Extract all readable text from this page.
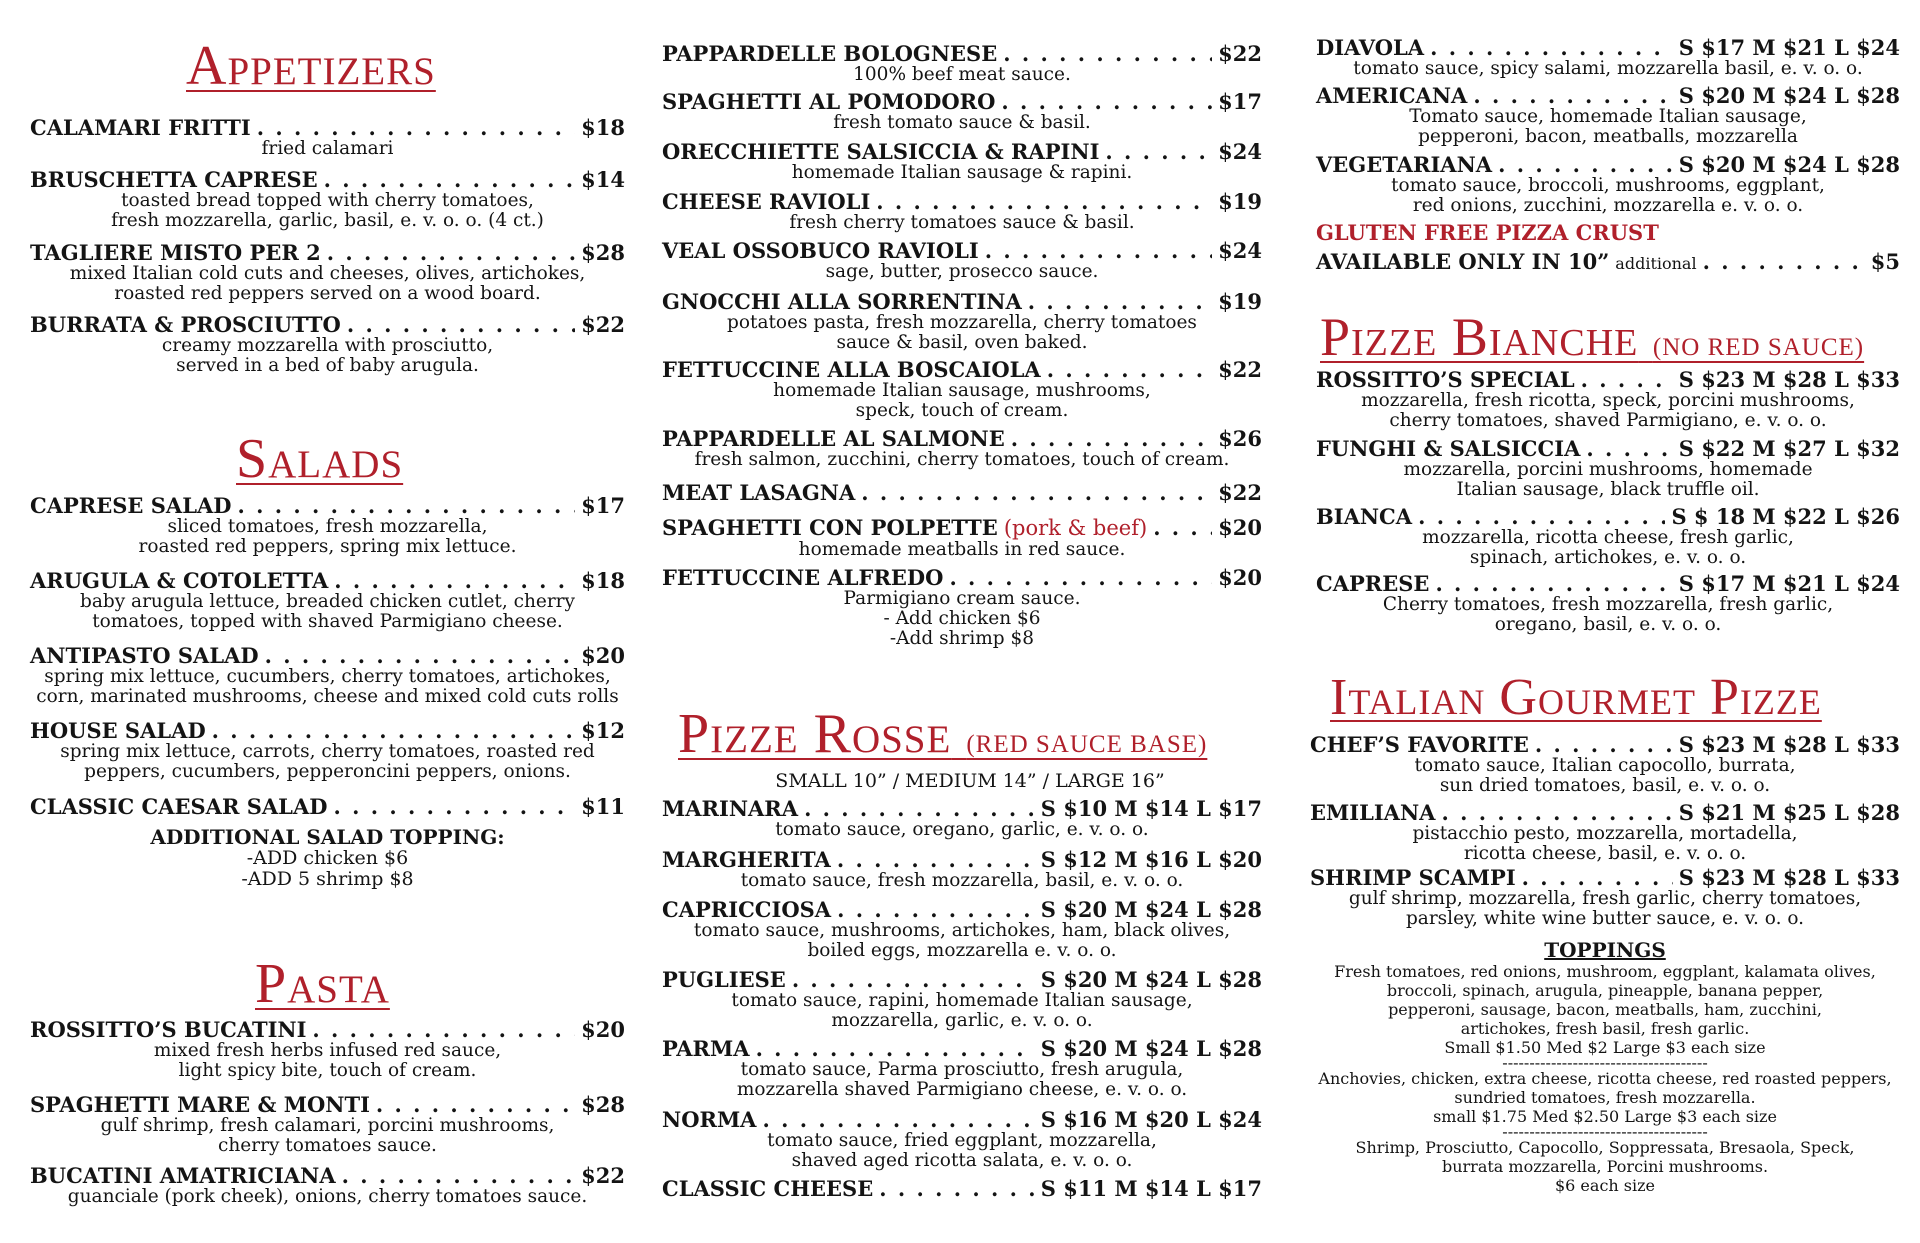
Appetizers
CALAMARI FRITTI . . .	$18
fried calamari
BRUSCHETTA CAPRESE . . .	$14
toasted bread topped with cherry tomatoes,
fresh mozzarella, garlic, basil, e. v. o. o. (4 ct.)
TAGLIERE MISTO PER 2 . . .	$28
mixed Italian cold cuts and cheeses, olives, artichokes,
roasted red peppers served on a wood board.
BURRATA & PROSCIUTTO . . .	$22
creamy mozzarella with prosciutto,
served in a bed of baby arugula.
Salads
CAPRESE SALAD . . .	$17
sliced tomatoes, fresh mozzarella,
roasted red peppers, spring mix lettuce.
ARUGULA & COTOLETTA . . .	$18
baby arugula lettuce, breaded chicken cutlet, cherry
tomatoes, topped with shaved Parmigiano cheese.
ANTIPASTO SALAD . . .	$20
spring mix lettuce, cucumbers, cherry tomatoes, artichokes,
corn, marinated mushrooms, cheese and mixed cold cuts rolls
HOUSE SALAD . . .	$12
spring mix lettuce, carrots, cherry tomatoes, roasted red
peppers, cucumbers, pepperoncini peppers, onions.
CLASSIC CAESAR SALAD . . .	$11
ADDITIONAL SALAD TOPPING:
-ADD chicken $6
-ADD 5 shrimp $8
Pasta
ROSSITTO’S BUCATINI . . .	$20
mixed fresh herbs infused red sauce,
light spicy bite, touch of cream.
SPAGHETTI MARE & MONTI . . .	$28
gulf shrimp, fresh calamari, porcini mushrooms,
cherry tomatoes sauce.
BUCATINI AMATRICIANA . . .	$22
guanciale (pork cheek), onions, cherry tomatoes sauce.
PAPPARDELLE BOLOGNESE . . .	$22
100% beef meat sauce.
SPAGHETTI AL POMODORO . . .	$17
fresh tomato sauce & basil.
ORECCHIETTE SALSICCIA & RAPINI . . .	$24
homemade Italian sausage & rapini.
CHEESE RAVIOLI . . .	$19
fresh cherry tomatoes sauce & basil.
VEAL OSSOBUCO RAVIOLI . . .	$24
sage, butter, prosecco sauce.
GNOCCHI ALLA SORRENTINA . . .	$19
potatoes pasta, fresh mozzarella, cherry tomatoes
sauce & basil, oven baked.
FETTUCCINE ALLA BOSCAIOLA . . .	$22
homemade Italian sausage, mushrooms,
speck, touch of cream.
PAPPARDELLE AL SALMONE . . .	$26
fresh salmon, zucchini, cherry tomatoes, touch of cream.
MEAT LASAGNA . . .	$22
SPAGHETTI CON POLPETTE (pork & beef) . . .	$20
homemade meatballs in red sauce.
FETTUCCINE ALFREDO . . .	$20
Parmigiano cream sauce.
- Add chicken $6
-Add shrimp $8
Pizze Rosse (RED SAUCE BASE)
SMALL 10” / MEDIUM 14” / LARGE 16”
MARINARA . . .	S $10 M $14 L $17
tomato sauce, oregano, garlic, e. v. o. o.
MARGHERITA . . .	S $12 M $16 L $20
tomato sauce, fresh mozzarella, basil, e. v. o. o.
CAPRICCIOSA . . .	S $20 M $24 L $28
tomato sauce, mushrooms, artichokes, ham, black olives,
boiled eggs, mozzarella e. v. o. o.
PUGLIESE . . .	S $20 M $24 L $28
tomato sauce, rapini, homemade Italian sausage,
mozzarella, garlic, e. v. o. o.
PARMA . . .	S $20 M $24 L $28
tomato sauce, Parma prosciutto, fresh arugula,
mozzarella shaved Parmigiano cheese, e. v. o. o.
NORMA . . .	S $16 M $20 L $24
tomato sauce, fried eggplant, mozzarella,
shaved aged ricotta salata, e. v. o. o.
CLASSIC CHEESE . . .	S $11 M $14 L $17
DIAVOLA . . .	S $17 M $21 L $24
tomato sauce, spicy salami, mozzarella basil, e. v. o. o.
AMERICANA . . .	S $20 M $24 L $28
Tomato sauce, homemade Italian sausage,
pepperoni, bacon, meatballs, mozzarella
VEGETARIANA . . .	S $20 M $24 L $28
tomato sauce, broccoli, mushrooms, eggplant,
red onions, zucchini, mozzarella e. v. o. o.
GLUTEN FREE PIZZA CRUST
AVAILABLE ONLY IN 10” additional . . .	$5
Pizze Bianche (NO RED SAUCE)
ROSSITTO’S SPECIAL . . .	S $23 M $28 L $33
mozzarella, fresh ricotta, speck, porcini mushrooms,
cherry tomatoes, shaved Parmigiano, e. v. o. o.
FUNGHI & SALSICCIA . . .	S $22 M $27 L $32
mozzarella, porcini mushrooms, homemade
Italian sausage, black truffle oil.
BIANCA . . .	S $ 18 M $22 L $26
mozzarella, ricotta cheese, fresh garlic,
spinach, artichokes, e. v. o. o.
CAPRESE . . .	S $17 M $21 L $24
Cherry tomatoes, fresh mozzarella, fresh garlic,
oregano, basil, e. v. o. o.
Italian Gourmet Pizze
CHEF’S FAVORITE . . .	S $23 M $28 L $33
tomato sauce, Italian capocollo, burrata,
sun dried tomatoes, basil, e. v. o. o.
EMILIANA . . .	S $21 M $25 L $28
pistacchio pesto, mozzarella, mortadella,
ricotta cheese, basil, e. v. o. o.
SHRIMP SCAMPI . . .	S $23 M $28 L $33
gulf shrimp, mozzarella, fresh garlic, cherry tomatoes,
parsley, white wine butter sauce, e. v. o. o.
TOPPINGS
Fresh tomatoes, red onions, mushroom, eggplant, kalamata olives,
broccoli, spinach, arugula, pineapple, banana pepper,
pepperoni, sausage, bacon, meatballs, ham, zucchini,
artichokes, fresh basil, fresh garlic.
Small $1.50 Med $2 Large $3 each size
--------------------------------------
Anchovies, chicken, extra cheese, ricotta cheese, red roasted peppers,
sundried tomatoes, fresh mozzarella.
small $1.75 Med $2.50 Large $3 each size
--------------------------------------
Shrimp, Prosciutto, Capocollo, Soppressata, Bresaola, Speck,
burrata mozzarella, Porcini mushrooms.
$6 each size
